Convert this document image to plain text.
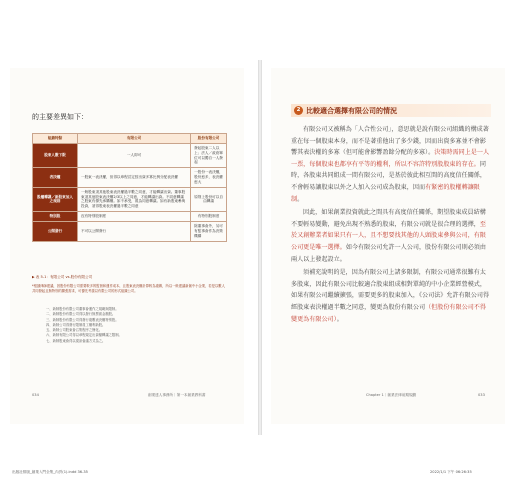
的主要差異如下：
組織特點	有限公司	股份有限公司
股東人數下限	一人即可	發起股東二人以上；法人／政府單位可以獨自一人發起
表決權	一股東一表決權，但得以章程訂定按出資多寡比例分配表決權	一股份一表決權，股份愈多，表決權愈大
股權轉讓／新股東加入之規則	一般股東須其他股東表決權過半數之同意，才能轉讓出資。董事股東須其他股東表決權2/3以上之同意，才能轉讓出資。不同意轉讓之股東有優先承購權。如不承受，視為同意轉讓。如有新股東參與投資，須得股東表決權過半數之同意	原則上股份可以自由轉讓
特別股	沒有特別股制度	有特別股制度
公開發行	不可以公開發行	除董事會外，另可有監事會作為決策機構
▶ 表 5-1：有限公司 vs.股份有限公司
*根據律師建議，因股份有限公司需要較多的監督和運作成本，且股東表決權計算較為複雜，所以一般建議新創中小企業，若是以數人共同發起且無特別的擴張需求，可優先考慮以有限公司的形式組織公司。
一、新制股份有限公司董事會運作之規範與限制。
二、新制股份有限公司得以發行無票面金額股。
三、新制股份有限公司得發行複數表決權特別股。
四、新制公司得發行限制員工權利新股。
五、新制公司股東會召集程序之簡化。
六、新制有限公司得以章程規定出資額轉讓之限制。
七、新制股東會得以視訊會議方式為之。
034	創業達人事務所｜第一本創業教科書
2 比較適合選擇有限公司的情況

有限公司又被稱為「人合性公司」，意思就是說有限公司組織的構成著重在每一個股東本身，而不是著重他出了多少錢，因而出資多寡並不會影響其表決權的多寡（但可能會影響盈餘分配的多寡）。決策時需同上是一人一票，每個股東也都享有平等的權利，所以不容許特別股股東的存在。同時，各股東共同組成一間有限公司，是基於彼此相互間的高度信任關係，不會輕易讓股東以外之人加入公司成為股東，因而有緊密的股權轉讓限制。

因此，如果創業投資就此之間具有高度信任關係，期望股東成員結構不要輕易變動，避免出現不熟悉的股東，有限公司就是很合理的選擇，至於又創辦業者如果只有一人，且不想要找其他的人頭股東參與公司，有限公司更是唯一選擇。如今有限公司允許一人公司，股份有限公司則必須由兩人以上發起設立。

須補充說明的是，因為有限公司上諸多限制，有限公司通常很難有太多股東，因此有限公司比較適合股東組成相對單純的中小企業經營模式，如果有限公司繼續擴張，需要更多的股東加入，《公司法》允許有限公司得經股東表決權過半數之同意，變更為股份有限公司（但股份有限公司不得變更為有限公司）。

Chapter 1｜創業法律前期規劃	033
出版社排版_創業入門全集_內頁(1).indd 36-35	2022/1/1 下午 06:26:35
